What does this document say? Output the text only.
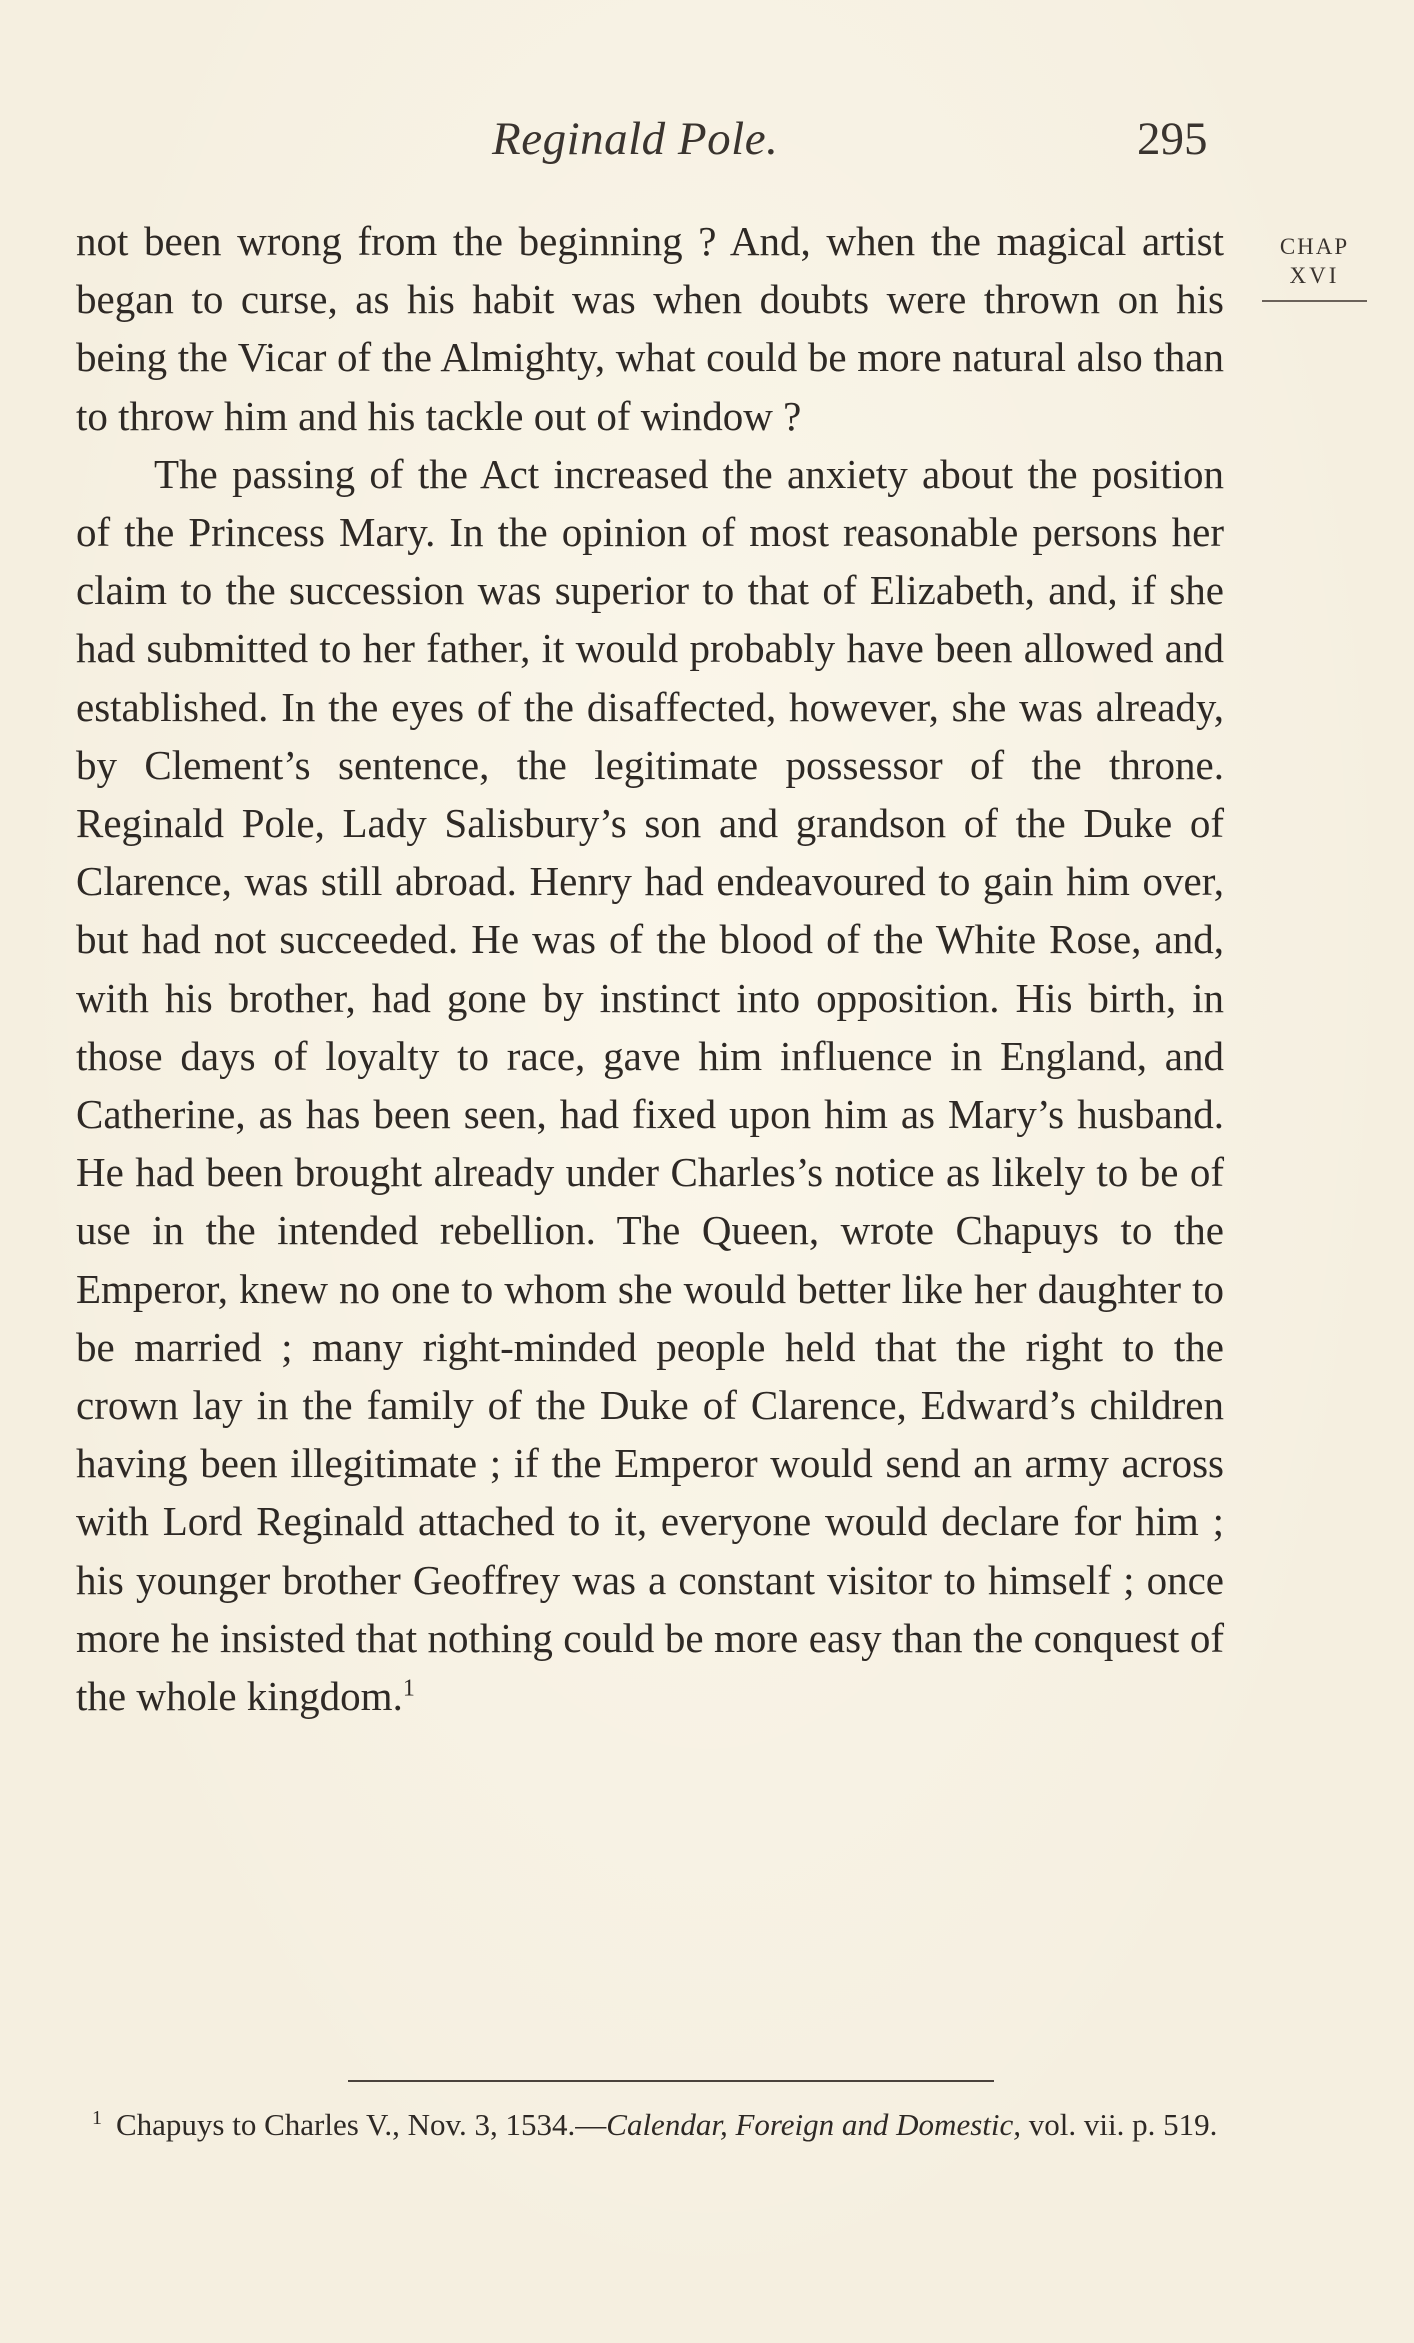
Reginald Pole.	295
CHAP
XVI

not been wrong from the beginning ? And, when the magical artist began to curse, as his habit was when doubts were thrown on his being the Vicar of the Almighty, what could be more natural also than to throw him and his tackle out of window ?

The passing of the Act increased the anxiety about the position of the Princess Mary. In the opinion of most reasonable persons her claim to the succession was superior to that of Elizabeth, and, if she had submitted to her father, it would probably have been allowed and established. In the eyes of the disaffected, however, she was already, by Clement’s sentence, the legitimate possessor of the throne. Reginald Pole, Lady Salisbury’s son and grandson of the Duke of Clarence, was still abroad. Henry had endeavoured to gain him over, but had not succeeded. He was of the blood of the White Rose, and, with his brother, had gone by instinct into opposition. His birth, in those days of loyalty to race, gave him influence in England, and Catherine, as has been seen, had fixed upon him as Mary’s husband. He had been brought already under Charles’s notice as likely to be of use in the intended rebellion. The Queen, wrote Chapuys to the Emperor, knew no one to whom she would better like her daughter to be married ; many right-minded people held that the right to the crown lay in the family of the Duke of Clarence, Edward’s children having been illegitimate ; if the Emperor would send an army across with Lord Reginald attached to it, everyone would declare for him ; his younger brother Geoffrey was a constant visitor to himself ; once more he insisted that nothing could be more easy than the conquest of the whole kingdom.$^1$

$^1$ Chapuys to Charles V., Nov. 3, 1534.—Calendar, Foreign and Domestic, vol. vii. p. 519.
